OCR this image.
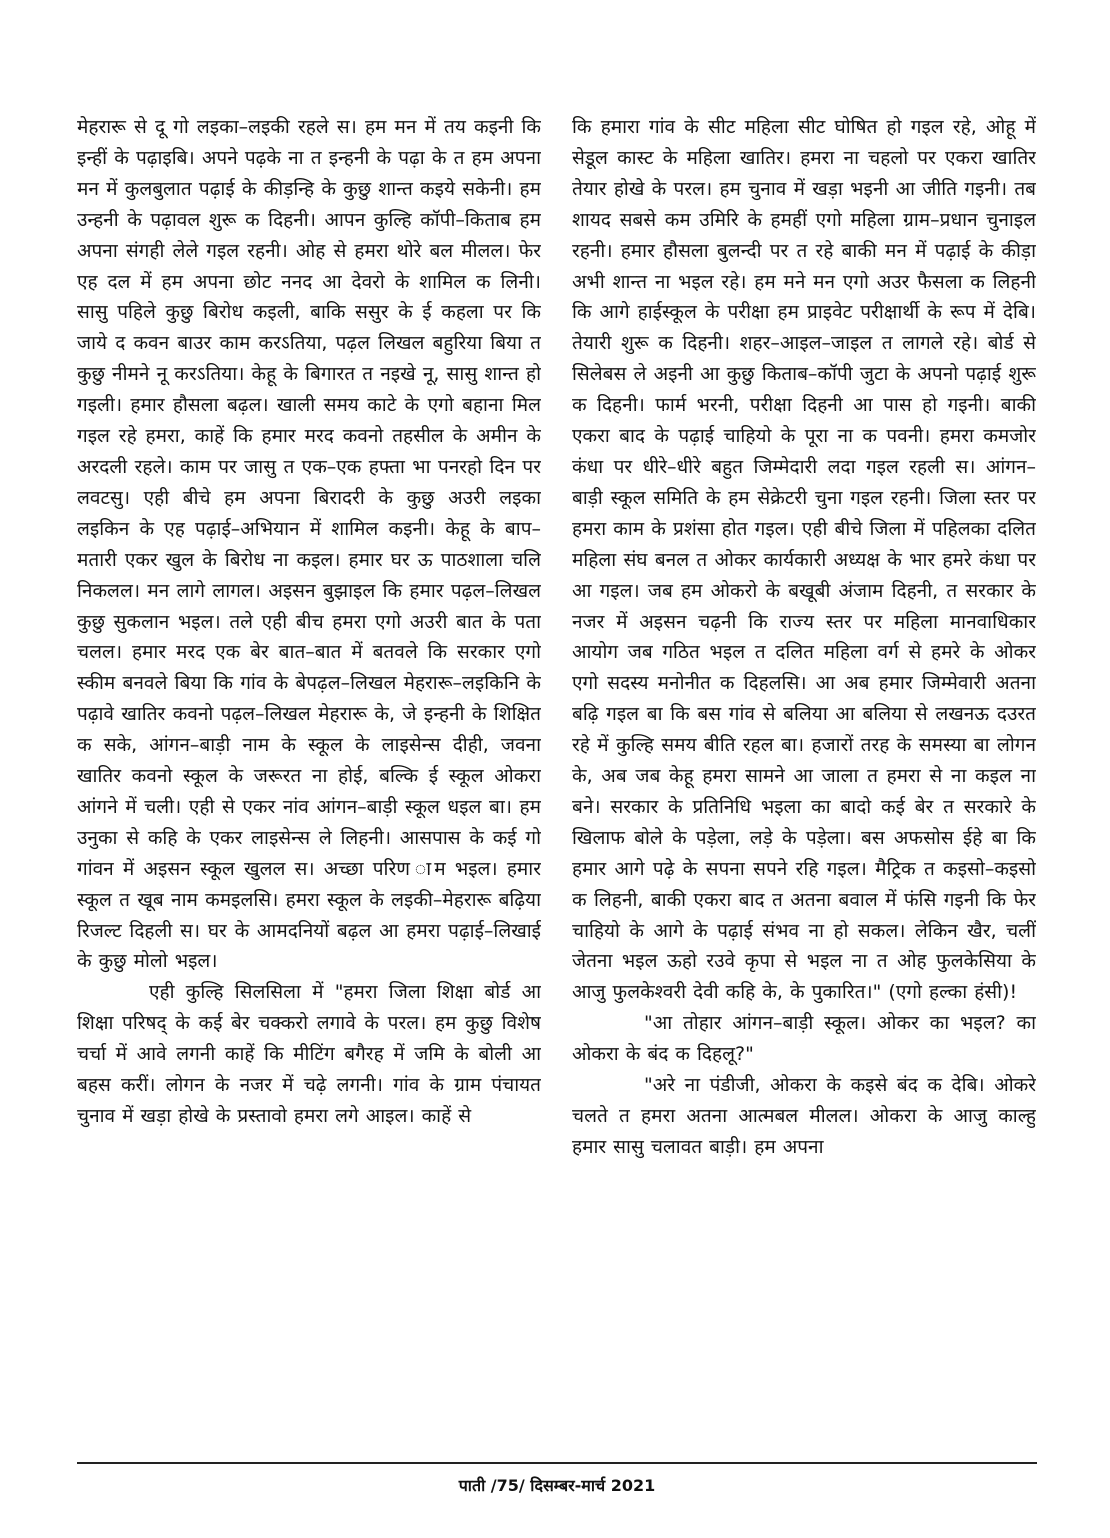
मेहरारू से दू गो लइका–लइकी रहले स। हम मन में तय कइनी कि इन्हीं के पढ़ाइबि। अपने पढ़के ना त इन्हनी के पढ़ा के त हम अपना मन में कुलबुलात पढ़ाई के कीड़न्हि के कुछु शान्त कइये सकेनी। हम उन्हनी के पढ़ावल शुरू क दिहनी। आपन कुल्हि कॉपी–किताब हम अपना संगही लेले गइल रहनी। ओह से हमरा थोरे बल मीलल। फेर एह दल में हम अपना छोट ननद आ देवरो के शामिल क लिनी। सासु पहिले कुछु बिरोध कइली, बाकि ससुर के ई कहला पर कि जाये द कवन बाउर काम करऽतिया, पढ़ल लिखल बहुरिया बिया त कुछु नीमने नू करऽतिया। केहू के बिगारत त नइखे नू, सासु शान्त हो गइली। हमार हौसला बढ़ल। खाली समय काटे के एगो बहाना मिल गइल रहे हमरा, काहें कि हमार मरद कवनो तहसील के अमीन के अरदली रहले। काम पर जासु त एक–एक हफ्ता भा पनरहो दिन पर लवटसु। एही बीचे हम अपना बिरादरी के कुछु अउरी लइका लइकिन के एह पढ़ाई–अभियान में शामिल कइनी। केहू के बाप–मतारी एकर खुल के बिरोध ना कइल। हमार घर ऊ पाठशाला चलि निकलल। मन लागे लागल। अइसन बुझाइल कि हमार पढ़ल–लिखल कुछु सुकलान भइल। तले एही बीच हमरा एगो अउरी बात के पता चलल। हमार मरद एक बेर बात–बात में बतवले कि सरकार एगो स्कीम बनवले बिया कि गांव के बेपढ़ल–लिखल मेहरारू–लइकिनि के पढ़ावे खातिर कवनो पढ़ल–लिखल मेहरारू के, जे इन्हनी के शिक्षित क सके, आंगन–बाड़ी नाम के स्कूल के लाइसेन्स दीही, जवना खातिर कवनो स्कूल के जरूरत ना होई, बल्कि ई स्कूल ओकरा आंगने में चली। एही से एकर नांव आंगन–बाड़ी स्कूल धइल बा। हम उनुका से कहि के एकर लाइसेन्स ले लिहनी। आसपास के कई गो गांवन में अइसन स्कूल खुलल स। अच्छा परिण ाम भइल। हमार स्कूल त खूब नाम कमइलसि। हमरा स्कूल के लइकी–मेहरारू बढ़िया रिजल्ट दिहली स। घर के आमदनियों बढ़ल आ हमरा पढ़ाई–लिखाई के कुछु मोलो भइल।

एही कुल्हि सिलसिला में "हमरा जिला शिक्षा बोर्ड आ शिक्षा परिषद् के कई बेर चक्करो लगावे के परल। हम कुछु विशेष चर्चा में आवे लगनी काहें कि मीटिंग बगैरह में जमि के बोली आ बहस करीं। लोगन के नजर में चढ़े लगनी। गांव के ग्राम पंचायत चुनाव में खड़ा होखे के प्रस्तावो हमरा लगे आइल। काहें से

कि हमारा गांव के सीट महिला सीट घोषित हो गइल रहे, ओहू में सेडूल कास्ट के महिला खातिर। हमरा ना चहलो पर एकरा खातिर तेयार होखे के परल। हम चुनाव में खड़ा भइनी आ जीति गइनी। तब शायद सबसे कम उमिरि के हमहीं एगो महिला ग्राम–प्रधान चुनाइल रहनी। हमार हौसला बुलन्दी पर त रहे बाकी मन में पढ़ाई के कीड़ा अभी शान्त ना भइल रहे। हम मने मन एगो अउर फैसला क लिहनी कि आगे हाईस्कूल के परीक्षा हम प्राइवेट परीक्षार्थी के रूप में देबि। तेयारी शुरू क दिहनी। शहर–आइल–जाइल त लागले रहे। बोर्ड से सिलेबस ले अइनी आ कुछु किताब–कॉपी जुटा के अपनो पढ़ाई शुरू क दिहनी। फार्म भरनी, परीक्षा दिहनी आ पास हो गइनी। बाकी एकरा बाद के पढ़ाई चाहियो के पूरा ना क पवनी। हमरा कमजोर कंधा पर धीरे–धीरे बहुत जिम्मेदारी लदा गइल रहली स। आंगन–बाड़ी स्कूल समिति के हम सेक्रेटरी चुना गइल रहनी। जिला स्तर पर हमरा काम के प्रशंसा होत गइल। एही बीचे जिला में पहिलका दलित महिला संघ बनल त ओकर कार्यकारी अध्यक्ष के भार हमरे कंधा पर आ गइल। जब हम ओकरो के बखूबी अंजाम दिहनी, त सरकार के नजर में अइसन चढ़नी कि राज्य स्तर पर महिला मानवाधिकार आयोग जब गठित भइल त दलित महिला वर्ग से हमरे के ओकर एगो सदस्य मनोनीत क दिहलसि। आ अब हमार जिम्मेवारी अतना बढ़ि गइल बा कि बस गांव से बलिया आ बलिया से लखनऊ दउरत रहे में कुल्हि समय बीति रहल बा। हजारों तरह के समस्या बा लोगन के, अब जब केहू हमरा सामने आ जाला त हमरा से ना कइल ना बने। सरकार के प्रतिनिधि भइला का बादो कई बेर त सरकारे के खिलाफ बोले के पड़ेला, लड़े के पड़ेला। बस अफसोस ईहे बा कि हमार आगे पढ़े के सपना सपने रहि गइल। मैट्रिक त कइसो–कइसो क लिहनी, बाकी एकरा बाद त अतना बवाल में फंसि गइनी कि फेर चाहियो के आगे के पढ़ाई संभव ना हो सकल। लेकिन खैर, चलीं जेतना भइल ऊहो रउवे कृपा से भइल ना त ओह फुलकेसिया के आजु फुलकेश्वरी देवी कहि के, के पुकारित।" (एगो हल्का हंसी)!

"आ तोहार आंगन–बाड़ी स्कूल। ओकर का भइल? का ओकरा के बंद क दिहलू?"

"अरे ना पंडीजी, ओकरा के कइसे बंद क देबि। ओकरे चलते त हमरा अतना आत्मबल मीलल। ओकरा के आजु काल्हु हमार सासु चलावत बाड़ी। हम अपना

पाती /75/ दिसम्बर-मार्च 2021
